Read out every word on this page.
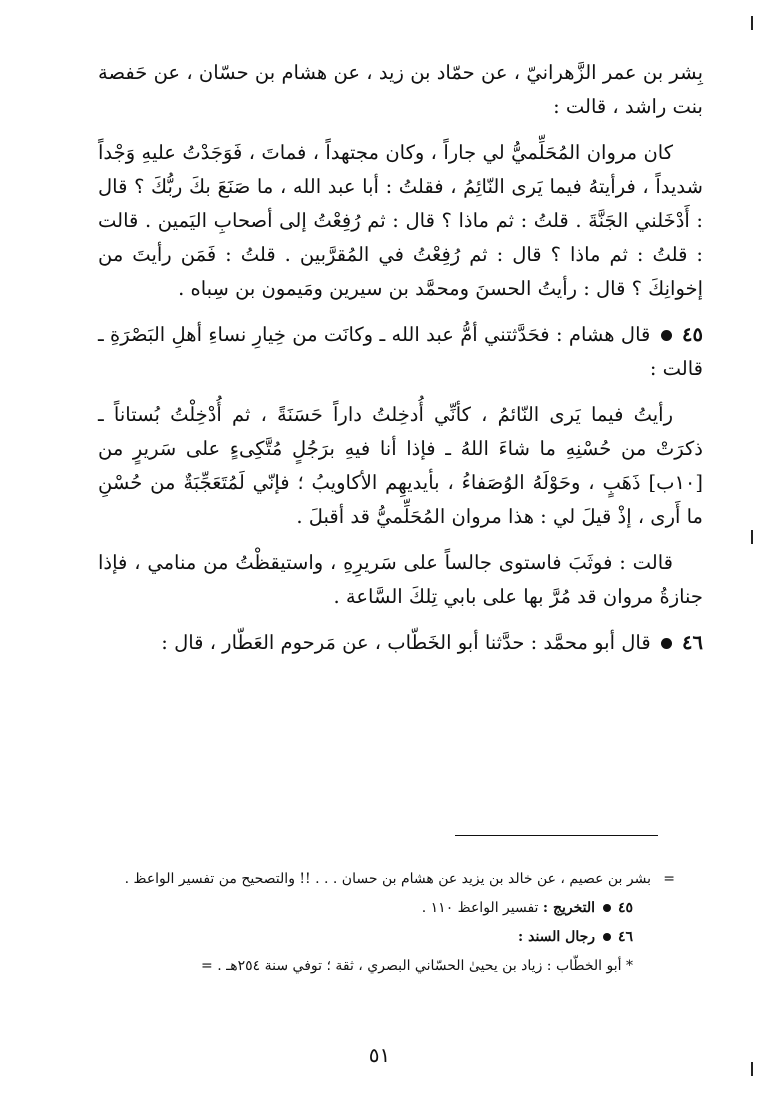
بِشر بن عمر الزَّهرانيّ ، عن حمّاد بن زيد ، عن هشام بن حسّان ، عن حَفصة بنت راشد ، قالت :

كان مروان المُحَلِّميُّ لي جاراً ، وكان مجتهداً ، فماتَ ، فَوَجَدْتُ عليهِ وَجْداً شديداً ، فرأيتهُ فيما يَرى النّائِمُ ، فقلتُ : أبا عبد الله ، ما صَنَعَ بكَ ربُّكَ ؟ قال : أَدْخَلني الجَنَّةَ . قلتُ : ثم ماذا ؟ قال : ثم رُفِعْتُ إلى أصحابِ اليَمين . قالت : قلتُ : ثم ماذا ؟ قال : ثم رُفِعْتُ في المُقرَّبين . قلتُ : فَمَن رأيتَ من إخوانِكَ ؟ قال : رأيتُ الحسنَ ومحمَّد بن سيرين ومَيمون بن سِباه .

٤٥  قال هشام : فحَدَّثتني أمُّ عبد الله ـ وكانَت من خِيارِ نساءِ أهلِ البَصْرَةِ ـ قالت :

رأيتُ فيما يَرى النّائمُ ، كأنِّي أُدخِلتُ داراً حَسَنَةً ، ثم أُدْخِلْتُ بُستاناً ـ ذكرَتْ من حُسْنِهِ ما شاءَ اللهُ ـ فإذا أنا فيهِ برَجُلٍ مُتَّكِىءٍ على سَريرٍ من [١٠ب] ذَهَبٍ ، وحَوْلَهُ الوُصَفاءُ ، بأيديهِم الأكاويبُ ؛ فإنّي لَمُتَعَجِّبَةٌ من حُسْنِ ما أَرى ، إذْ قيلَ لي : هذا مروان المُحَلِّميُّ قد أقبلَ .

قالت : فوثَبَ فاستوى جالساً على سَريرِهِ ، واستيقظْتُ من منامي ، فإذا جنازةُ مروان قد مُرَّ بها على بابي تِلكَ السَّاعة .

٤٦  قال أبو محمَّد : حدَّثنا أبو الخَطّاب ، عن مَرحوم العَطّار ، قال :

=

بشر بن عصيم ، عن خالد بن يزيد عن هشام بن حسان . . . !! والتصحيح من تفسير الواعظ .

٤٥  التخريج : تفسير الواعظ ١١٠ .

٤٦  رجال السند :

* أبو الخطّاب : زياد بن يحيىٰ الحسّاني البصري ، ثقة ؛ توفي سنة ٢٥٤هـ . =

٥١
